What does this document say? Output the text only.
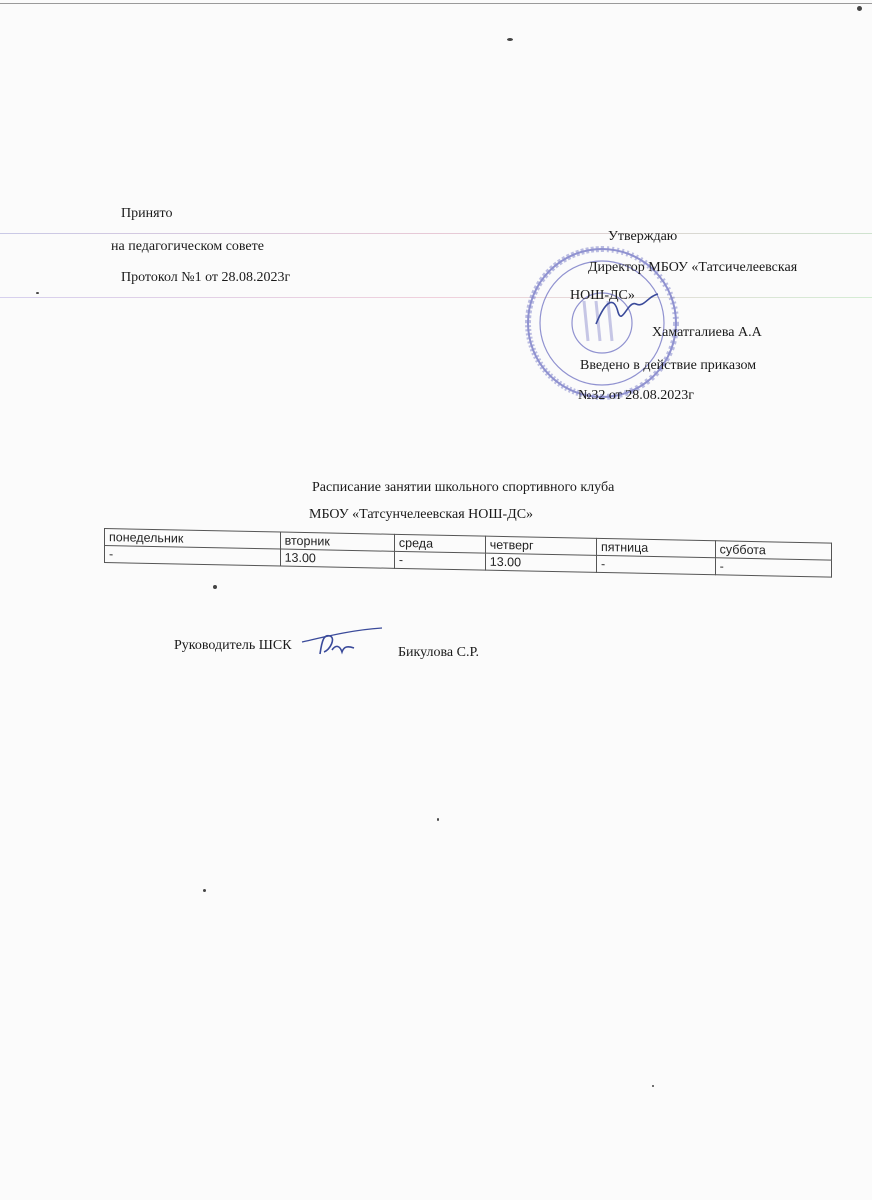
Принято
на педагогическом совете
Протокол №1 от 28.08.2023г
Утверждаю
Директор МБОУ «Татсичелеевская
НОШ-ДС»
Хаматгалиева А.А
Введено в действие приказом
№32 от 28.08.2023г
Расписание занятии школьного спортивного клуба
МБОУ «Татсунчелеевская НОШ-ДС»
понедельник	вторник	среда	четверг	пятница	суббота
-	13.00	-	13.00	-	-
Руководитель ШСК	Бикулова С.Р.
